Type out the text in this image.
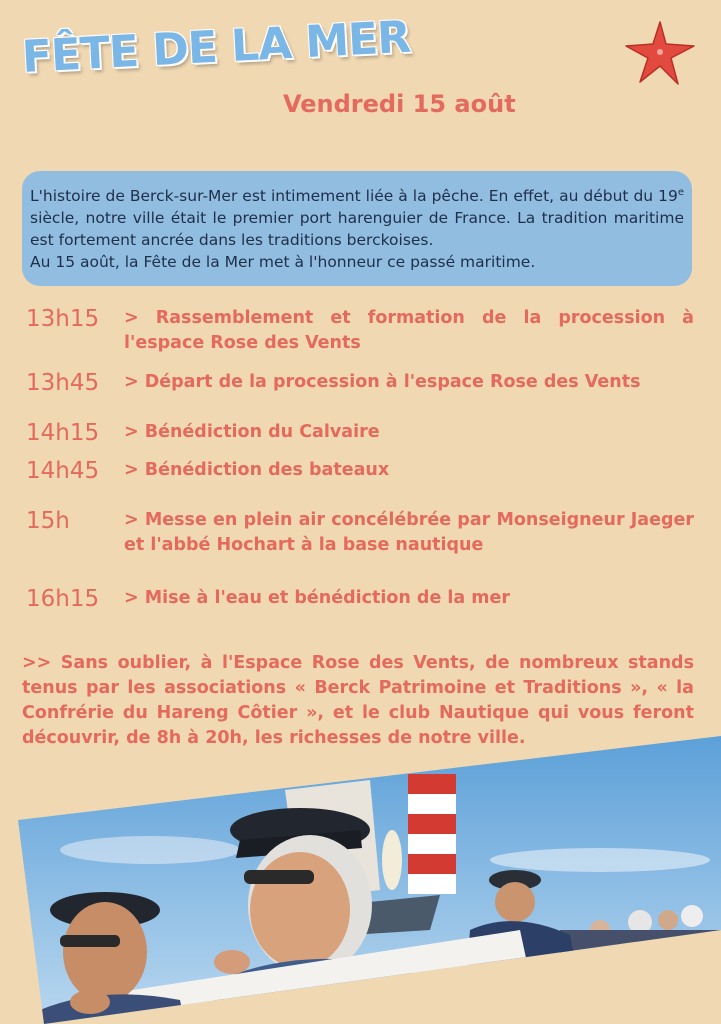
FÊTE DE LA MER
Vendredi 15 août

L'histoire de Berck-sur-Mer est intimement liée à la pêche. En effet, au début du 19e siècle, notre ville était le premier port harenguier de France. La tradition maritime est fortement ancrée dans les traditions berckoises.

Au 15 août, la Fête de la Mer met à l'honneur ce passé maritime.

13h15 > Rassemblement et formation de la procession à l'espace Rose des Vents
13h45 > Départ de la procession à l'espace Rose des Vents
14h15 > Bénédiction du Calvaire
14h45 > Bénédiction des bateaux
15h	> Messe en plein air concélébrée par Monseigneur Jaeger et l'abbé Hochart à la base nautique
16h15 > Mise à l'eau et bénédiction de la mer

>> Sans oublier, à l'Espace Rose des Vents, de nombreux stands tenus par les associations « Berck Patrimoine et Traditions », « la Confrérie du Hareng Côtier », et le club Nautique qui vous feront découvrir, de 8h à 20h, les richesses de notre ville.
